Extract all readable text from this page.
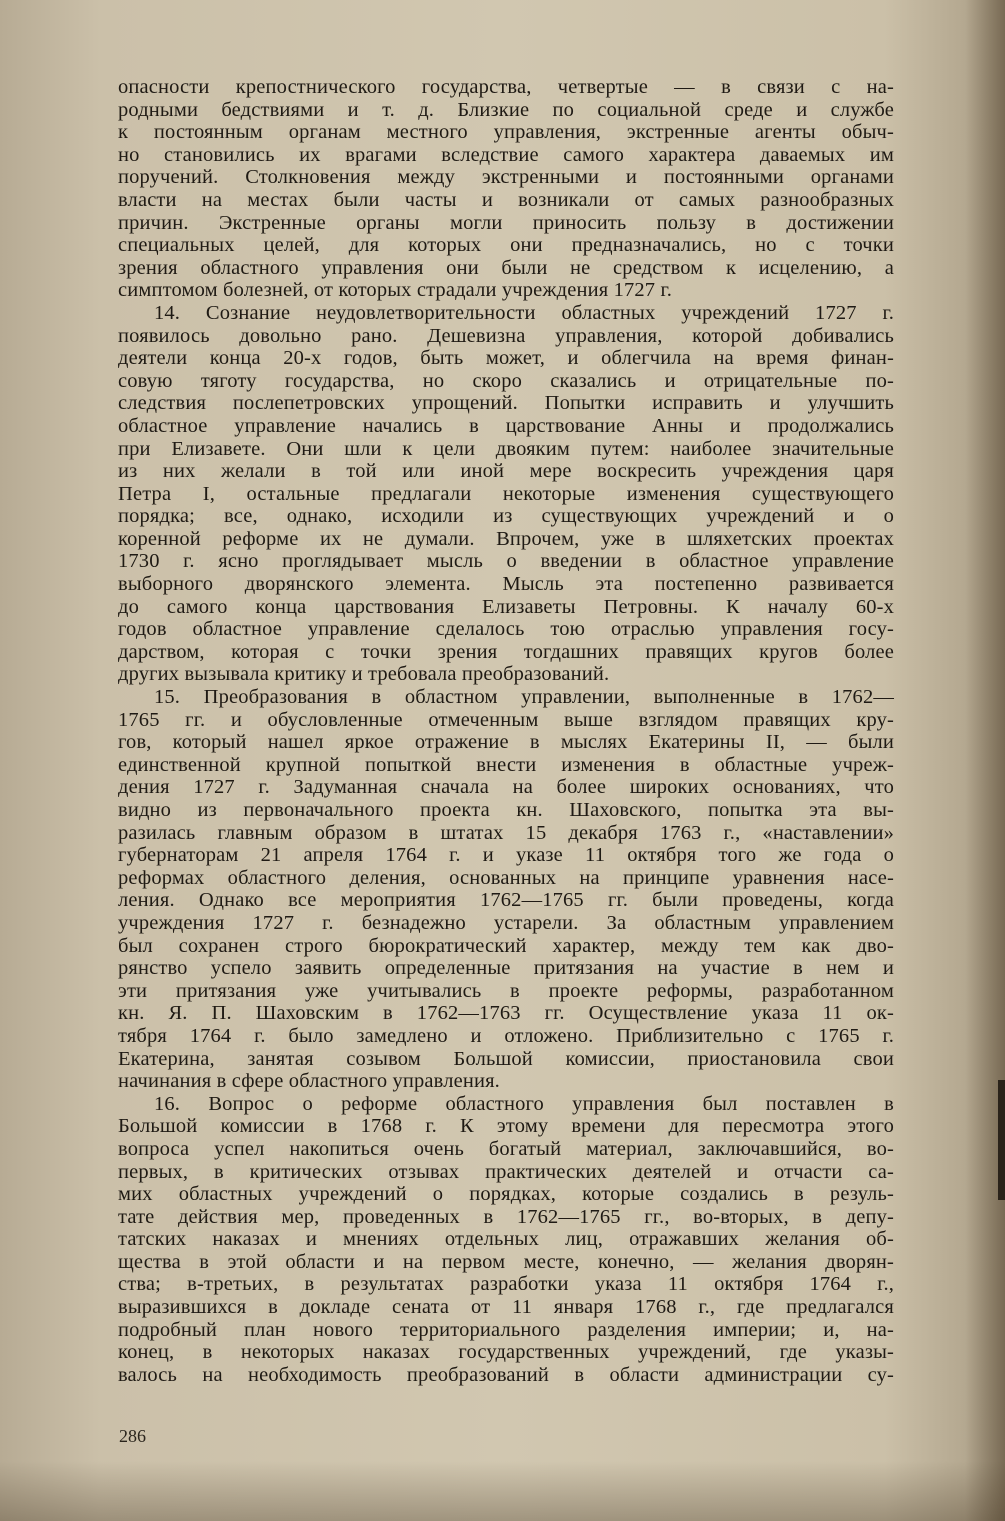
опасности крепостнического государства, четвертые — в связи с на-
родными бедствиями и т. д. Близкие по социальной среде и службе
к постоянным органам местного управления, экстренные агенты обыч-
но становились их врагами вследствие самого характера даваемых им
поручений. Столкновения между экстренными и постоянными органами
власти на местах были часты и возникали от самых разнообразных
причин. Экстренные органы могли приносить пользу в достижении
специальных целей, для которых они предназначались, но с точки
зрения областного управления они были не средством к исцелению, а
симптомом болезней, от которых страдали учреждения 1727 г.
14. Сознание неудовлетворительности областных учреждений 1727 г.
появилось довольно рано. Дешевизна управления, которой добивались
деятели конца 20-х годов, быть может, и облегчила на время финан-
совую тяготу государства, но скоро сказались и отрицательные по-
следствия послепетровских упрощений. Попытки исправить и улучшить
областное управление начались в царствование Анны и продолжались
при Елизавете. Они шли к цели двояким путем: наиболее значительные
из них желали в той или иной мере воскресить учреждения царя
Петра I, остальные предлагали некоторые изменения существующего
порядка; все, однако, исходили из существующих учреждений и о
коренной реформе их не думали. Впрочем, уже в шляхетских проектах
1730 г. ясно проглядывает мысль о введении в областное управление
выборного дворянского элемента. Мысль эта постепенно развивается
до самого конца царствования Елизаветы Петровны. К началу 60-х
годов областное управление сделалось тою отраслью управления госу-
дарством, которая с точки зрения тогдашних правящих кругов более
других вызывала критику и требовала преобразований.
15. Преобразования в областном управлении, выполненные в 1762—
1765 гг. и обусловленные отмеченным выше взглядом правящих кру-
гов, который нашел яркое отражение в мыслях Екатерины II, — были
единственной крупной попыткой внести изменения в областные учреж-
дения 1727 г. Задуманная сначала на более широких основаниях, что
видно из первоначального проекта кн. Шаховского, попытка эта вы-
разилась главным образом в штатах 15 декабря 1763 г., «наставлении»
губернаторам 21 апреля 1764 г. и указе 11 октября того же года о
реформах областного деления, основанных на принципе уравнения насе-
ления. Однако все мероприятия 1762—1765 гг. были проведены, когда
учреждения 1727 г. безнадежно устарели. За областным управлением
был сохранен строго бюрократический характер, между тем как дво-
рянство успело заявить определенные притязания на участие в нем и
эти притязания уже учитывались в проекте реформы, разработанном
кн. Я. П. Шаховским в 1762—1763 гг. Осуществление указа 11 ок-
тября 1764 г. было замедлено и отложено. Приблизительно с 1765 г.
Екатерина, занятая созывом Большой комиссии, приостановила свои
начинания в сфере областного управления.
16. Вопрос о реформе областного управления был поставлен в
Большой комиссии в 1768 г. К этому времени для пересмотра этого
вопроса успел накопиться очень богатый материал, заключавшийся, во-
первых, в критических отзывах практических деятелей и отчасти са-
мих областных учреждений о порядках, которые создались в резуль-
тате действия мер, проведенных в 1762—1765 гг., во-вторых, в депу-
татских наказах и мнениях отдельных лиц, отражавших желания об-
щества в этой области и на первом месте, конечно, — желания дворян-
ства; в-третьих, в результатах разработки указа 11 октября 1764 г.,
выразившихся в докладе сената от 11 января 1768 г., где предлагался
подробный план нового территориального разделения империи; и, на-
конец, в некоторых наказах государственных учреждений, где указы-
валось на необходимость преобразований в области администрации су-
286
